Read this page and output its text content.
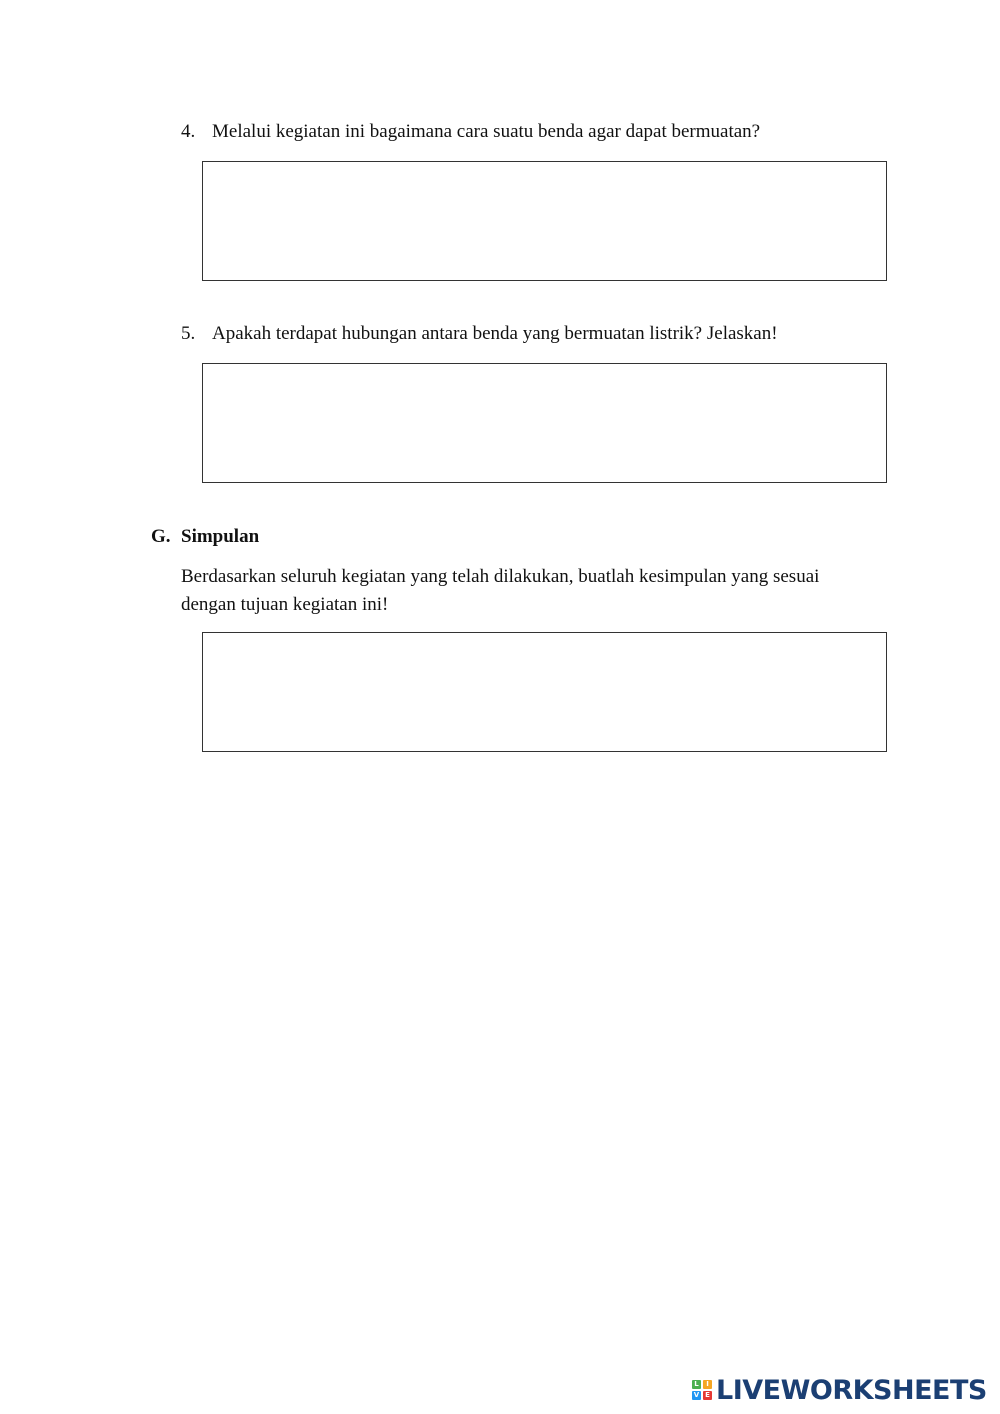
4. Melalui kegiatan ini bagaimana cara suatu benda agar dapat bermuatan?
5. Apakah terdapat hubungan antara benda yang bermuatan listrik? Jelaskan!
G. Simpulan
Berdasarkan seluruh kegiatan yang telah dilakukan, buatlah kesimpulan yang sesuai
dengan tujuan kegiatan ini!
L	I
V E LIVEWORKSHEETS
